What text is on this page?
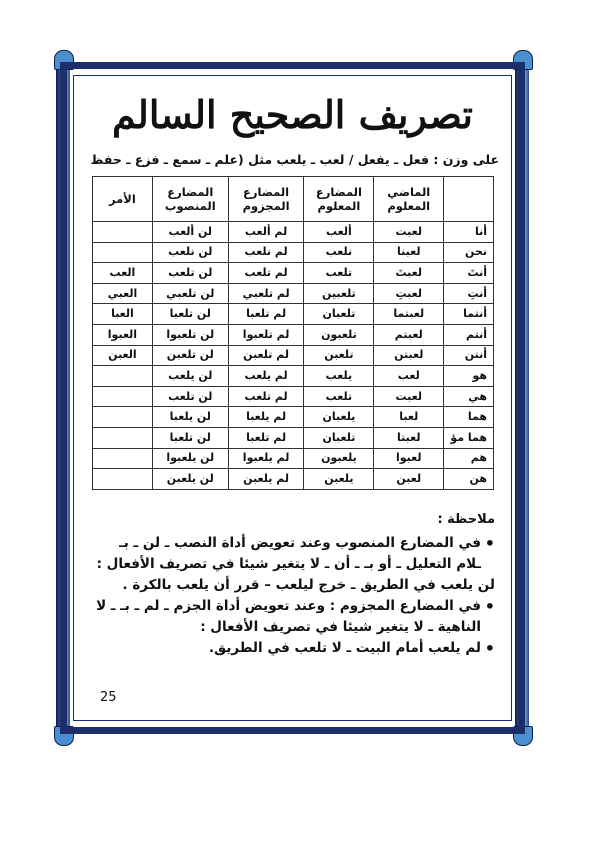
تصريف الصحيح السالم
على وزن : فعل ـ يفعل / لعب ـ يلعب مثل (علم ـ سمع ـ فزع ـ حفظ
	الماضي المعلوم	المضارع المعلوم	المضارع المجزوم	المضارع المنصوب	الأمر
أنا	لعبت	ألعب	لم ألعب	لن ألعب	
نحن	لعبنا	نلعب	لم نلعب	لن نلعب	
أنتَ	لعبتَ	تلعب	لم تلعب	لن تلعب	العب
أنتِ	لعبتِ	تلعبين	لم تلعبي	لن تلعبي	العبي
أنتما	لعبتما	تلعبان	لم تلعبا	لن تلعبا	العبا
أنتم	لعبتم	تلعبون	لم تلعبوا	لن تلعبوا	العبوا
أنتن	لعبتن	تلعبن	لم تلعبن	لن تلعبن	العبن
هو	لعب	يلعب	لم يلعب	لن يلعب	
هي	لعبت	تلعب	لم تلعب	لن تلعب	
هما	لعبا	يلعبان	لم يلعبا	لن يلعبا	
هما مؤ	لعبتا	تلعبان	لم تلعبا	لن تلعبا	
هم	لعبوا	يلعبون	لم يلعبوا	لن يلعبوا	
هن	لعبن	يلعبن	لم يلعبن	لن يلعبن	
ملاحظة :
•
في المضارع المنصوب وعند تعويض أداة النصب ـ لن ـ بـ ـلام التعليل ـ أو بـ ـ أن ـ لا يتغير شيئا في تصريف الأفعال :
لن يلعب في الطريق ـ خرج ليلعب – قرر أن يلعب بالكرة .
•
في المضارع المجزوم : وعند تعويض أداة الجزم ـ لم ـ بـ ـ لا الناهية ـ لا يتغير شيئا في تصريف الأفعال :
•
لم يلعب أمام البيت ـ لا تلعب في الطريق.
25
